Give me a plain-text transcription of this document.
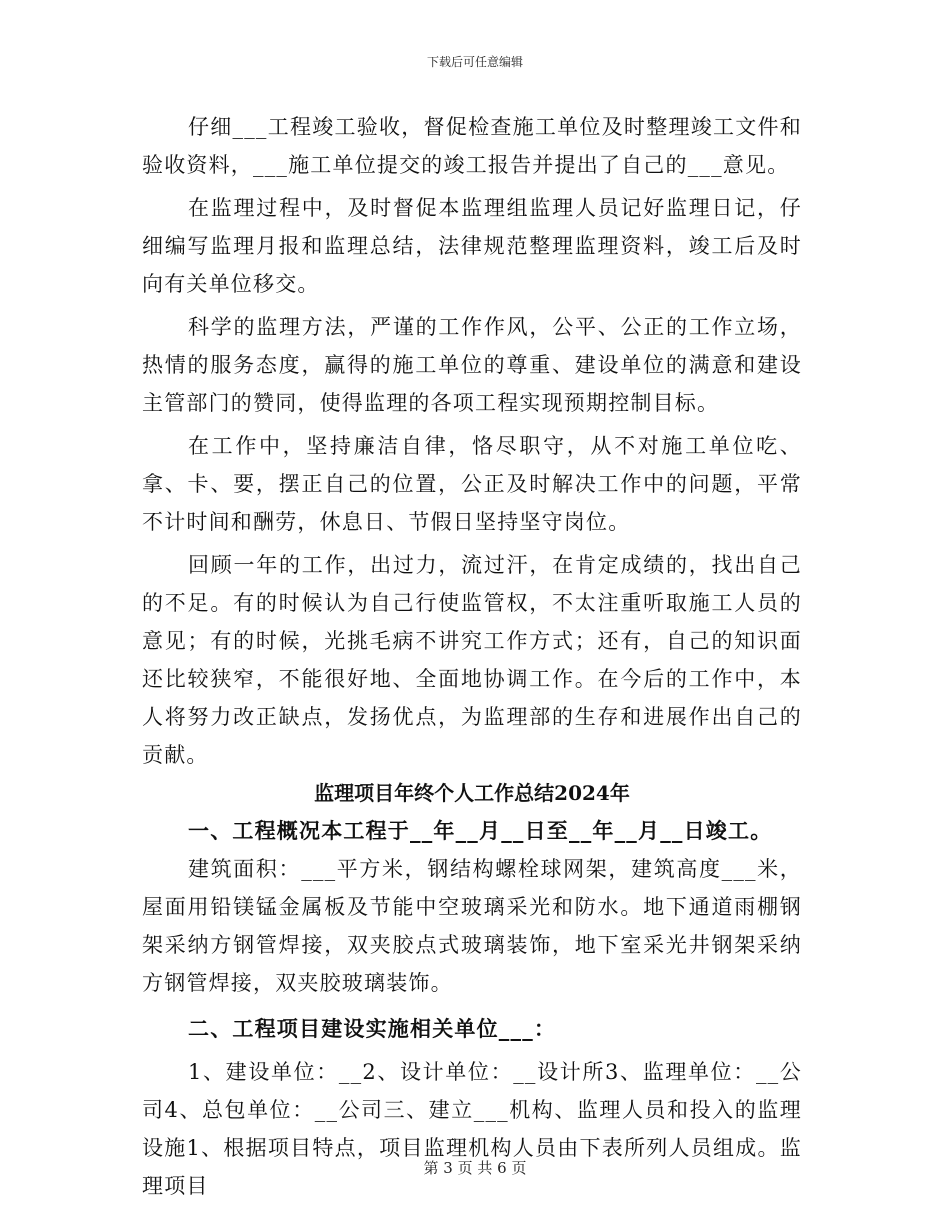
下载后可任意编辑

仔细___工程竣工验收，督促检查施工单位及时整理竣工文件和验收资料，___施工单位提交的竣工报告并提出了自己的___意见。

在监理过程中，及时督促本监理组监理人员记好监理日记，仔细编写监理月报和监理总结，法律规范整理监理资料，竣工后及时向有关单位移交。

科学的监理方法，严谨的工作作风，公平、公正的工作立场，热情的服务态度，赢得的施工单位的尊重、建设单位的满意和建设主管部门的赞同，使得监理的各项工程实现预期控制目标。

在工作中，坚持廉洁自律，恪尽职守，从不对施工单位吃、拿、卡、要，摆正自己的位置，公正及时解决工作中的问题，平常不计时间和酬劳，休息日、节假日坚持坚守岗位。

回顾一年的工作，出过力，流过汗，在肯定成绩的，找出自己的不足。有的时候认为自己行使监管权，不太注重听取施工人员的意见；有的时候，光挑毛病不讲究工作方式；还有，自己的知识面还比较狭窄，不能很好地、全面地协调工作。在今后的工作中，本人将努力改正缺点，发扬优点，为监理部的生存和进展作出自己的贡献。

监理项目年终个人工作总结2024年

一、工程概况本工程于__年__月__日至__年__月__日竣工。

建筑面积：___平方米，钢结构螺栓球网架，建筑高度___米，屋面用铅镁锰金属板及节能中空玻璃采光和防水。地下通道雨棚钢架采纳方钢管焊接，双夹胶点式玻璃装饰，地下室采光井钢架采纳方钢管焊接，双夹胶玻璃装饰。

二、工程项目建设实施相关单位___：

1、建设单位：__2、设计单位：__设计所3、监理单位：__公司4、总包单位：__公司三、建立___机构、监理人员和投入的监理设施1、根据项目特点，项目监理机构人员由下表所列人员组成。监理项目

第 3 页 共 6 页
